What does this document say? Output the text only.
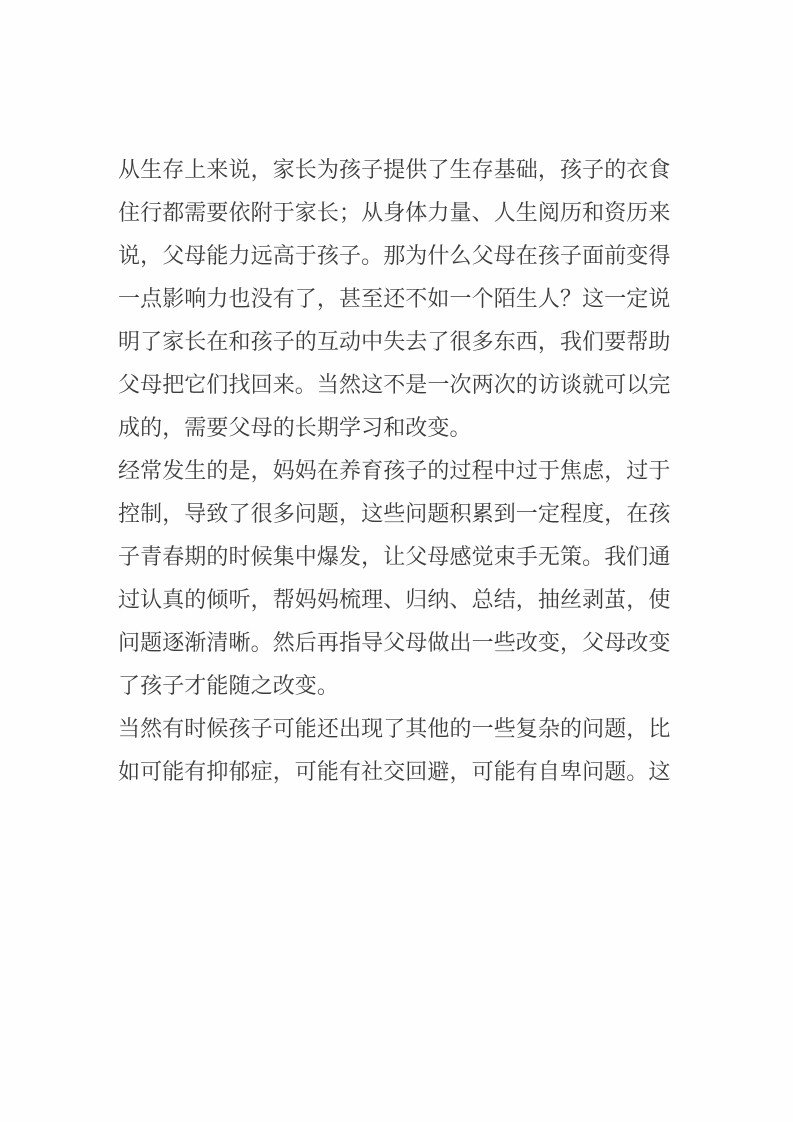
从生存上来说，家长为孩子提供了生存基础，孩子的衣食
住行都需要依附于家长；从身体力量、人生阅历和资历来
说，父母能力远高于孩子。那为什么父母在孩子面前变得
一点影响力也没有了，甚至还不如一个陌生人？这一定说
明了家长在和孩子的互动中失去了很多东西，我们要帮助
父母把它们找回来。当然这不是一次两次的访谈就可以完
成的，需要父母的长期学习和改变。
经常发生的是，妈妈在养育孩子的过程中过于焦虑，过于
控制，导致了很多问题，这些问题积累到一定程度，在孩
子青春期的时候集中爆发，让父母感觉束手无策。我们通
过认真的倾听，帮妈妈梳理、归纳、总结，抽丝剥茧，使
问题逐渐清晰。然后再指导父母做出一些改变，父母改变
了孩子才能随之改变。
当然有时候孩子可能还出现了其他的一些复杂的问题，比
如可能有抑郁症，可能有社交回避，可能有自卑问题。这
